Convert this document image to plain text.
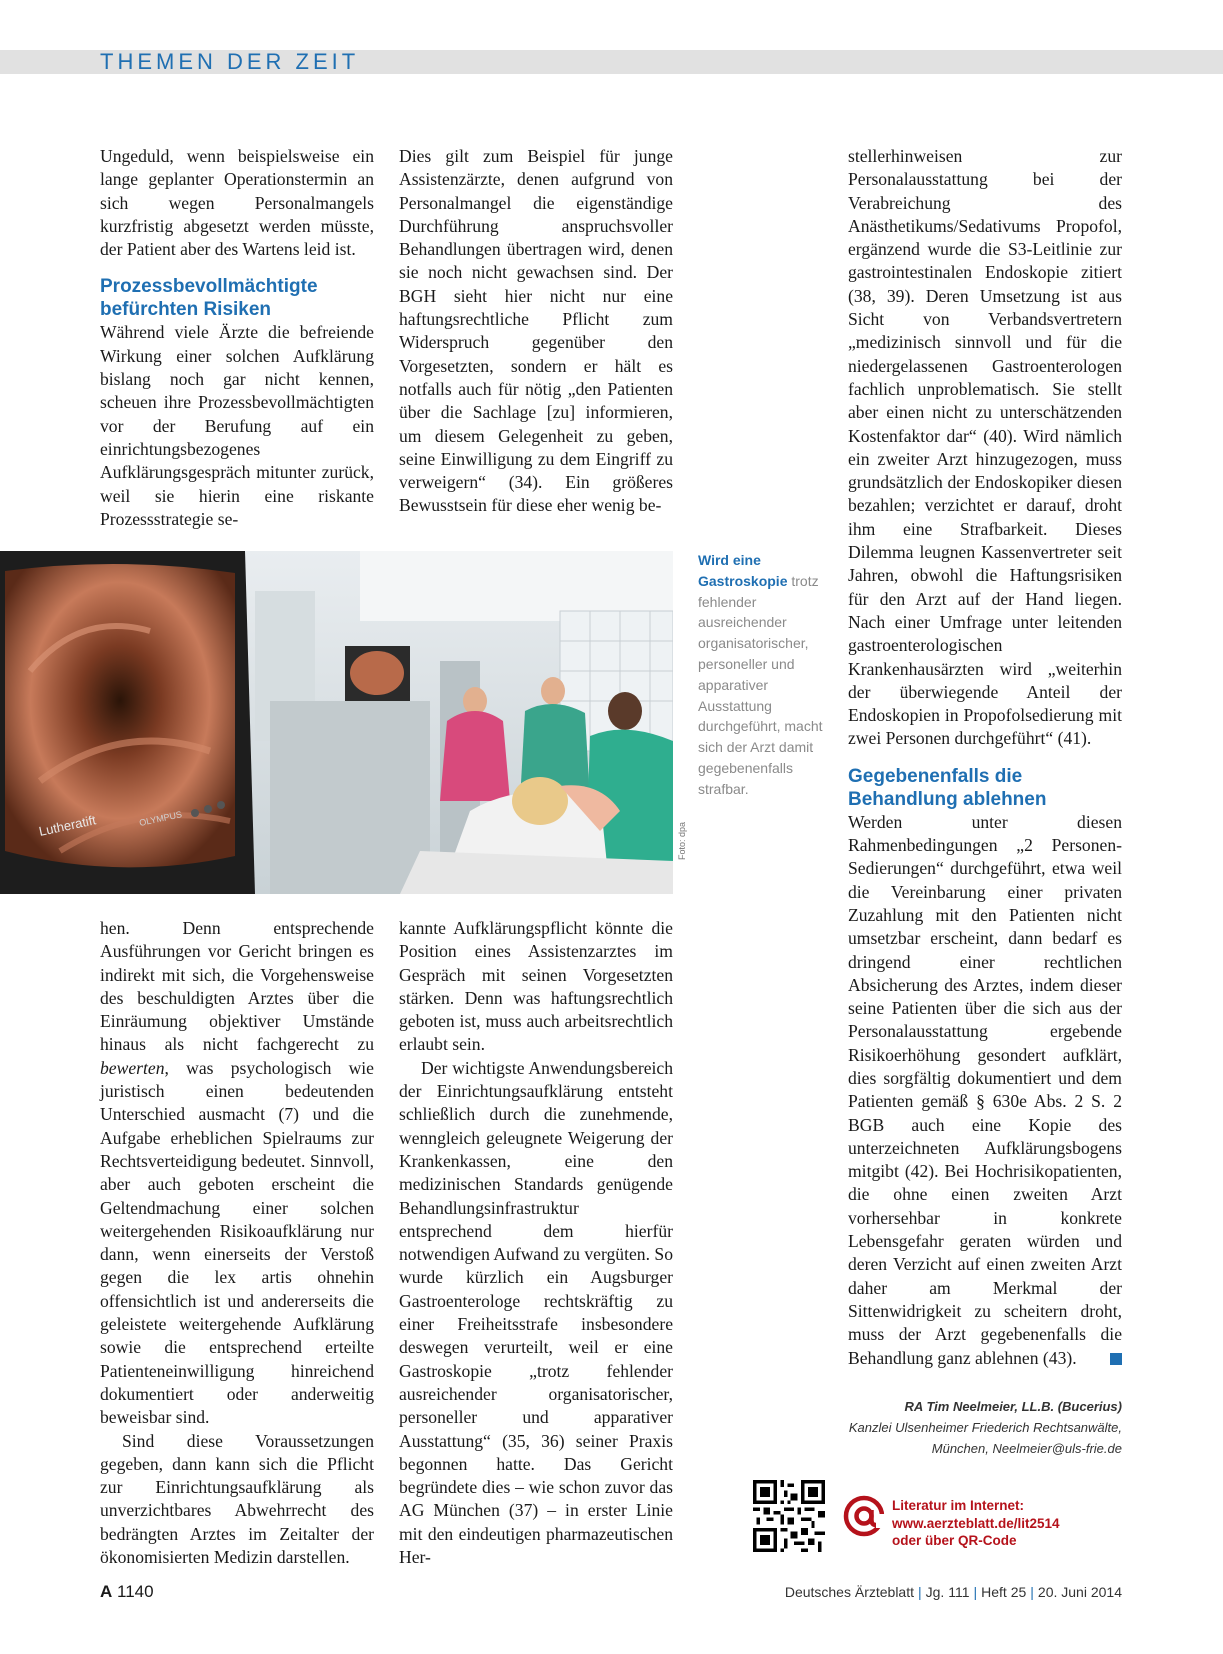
THEMEN DER ZEIT

Ungeduld, wenn beispielsweise ein lange geplanter Operationstermin an sich wegen Personalmangels kurzfristig abgesetzt werden müsste, der Patient aber des Wartens leid ist.

Prozessbevollmächtigte
befürchten Risiken

Während viele Ärzte die befreiende Wirkung einer solchen Aufklärung bislang noch gar nicht kennen, scheuen ihre Prozessbevollmächtigten vor der Berufung auf ein einrichtungsbezogenes Aufklärungsgespräch mitunter zurück, weil sie hierin eine riskante Prozessstrategie se-

Dies gilt zum Beispiel für junge Assistenzärzte, denen aufgrund von Personalmangel die eigenständige Durchführung anspruchsvoller Behandlungen übertragen wird, denen sie noch nicht gewachsen sind. Der BGH sieht hier nicht nur eine haftungsrechtliche Pflicht zum Widerspruch gegenüber den Vorgesetzten, sondern er hält es notfalls auch für nötig „den Patienten über die Sachlage [zu] informieren, um diesem Gelegenheit zu geben, seine Einwilligung zu dem Eingriff zu verweigern“ (34). Ein größeres Bewusstsein für diese eher wenig be-

Lutheratift	OLYMPUS
Foto: dpa
Wird eine Gastroskopie trotz fehlender ausreichender organisatorischer, personeller und apparativer Ausstattung durchgeführt, macht sich der Arzt damit gegebenenfalls strafbar.

hen. Denn entsprechende Ausführungen vor Gericht bringen es indirekt mit sich, die Vorgehensweise des beschuldigten Arztes über die Einräumung objektiver Umstände hinaus als nicht fachgerecht zu bewerten, was psychologisch wie juristisch einen bedeutenden Unterschied ausmacht (7) und die Aufgabe erheblichen Spielraums zur Rechtsverteidigung bedeutet. Sinnvoll, aber auch geboten erscheint die Geltendmachung einer solchen weitergehenden Risikoaufklärung nur dann, wenn einerseits der Verstoß gegen die lex artis ohnehin offensichtlich ist und andererseits die geleistete weitergehende Aufklärung sowie die entsprechend erteilte Patienteneinwilligung hinreichend dokumentiert oder anderweitig beweisbar sind.

Sind diese Voraussetzungen gegeben, dann kann sich die Pflicht zur Einrichtungsaufklärung als unverzichtbares Abwehrrecht des bedrängten Arztes im Zeitalter der ökonomisierten Medizin darstellen.

kannte Aufklärungspflicht könnte die Position eines Assistenzarztes im Gespräch mit seinen Vorgesetzten stärken. Denn was haftungsrechtlich geboten ist, muss auch arbeitsrechtlich erlaubt sein.

Der wichtigste Anwendungsbereich der Einrichtungsaufklärung entsteht schließlich durch die zunehmende, wenngleich geleugnete Weigerung der Krankenkassen, eine den medizinischen Standards genügende Behandlungsinfrastruktur entsprechend dem hierfür notwendigen Aufwand zu vergüten. So wurde kürzlich ein Augsburger Gastroenterologe rechtskräftig zu einer Freiheitsstrafe insbesondere deswegen verurteilt, weil er eine Gastroskopie „trotz fehlender ausreichender organisatorischer, personeller und apparativer Ausstattung“ (35, 36) seiner Praxis begonnen hatte. Das Gericht begründete dies – wie schon zuvor das AG München (37) – in erster Linie mit den eindeutigen pharmazeutischen Her-

stellerhinweisen zur Personalausstattung bei der Verabreichung des Anästhetikums/Sedativums Propofol, ergänzend wurde die S3-Leitlinie zur gastrointestinalen Endoskopie zitiert (38, 39). Deren Umsetzung ist aus Sicht von Verbandsvertretern „medizinisch sinnvoll und für die niedergelassenen Gastroenterologen fachlich unproblematisch. Sie stellt aber einen nicht zu unterschätzenden Kostenfaktor dar“ (40). Wird nämlich ein zweiter Arzt hinzugezogen, muss grundsätzlich der Endoskopiker diesen bezahlen; verzichtet er darauf, droht ihm eine Strafbarkeit. Dieses Dilemma leugnen Kassenvertreter seit Jahren, obwohl die Haftungsrisiken für den Arzt auf der Hand liegen. Nach einer Umfrage unter leitenden gastroenterologischen Krankenhausärzten wird „weiterhin der überwiegende Anteil der Endoskopien in Propofolsedierung mit zwei Personen durchgeführt“ (41).

Gegebenenfalls die
Behandlung ablehnen

Werden unter diesen Rahmenbedingungen „2 Personen-Sedierungen“ durchgeführt, etwa weil die Vereinbarung einer privaten Zuzahlung mit den Patienten nicht umsetzbar erscheint, dann bedarf es dringend einer rechtlichen Absicherung des Arztes, indem dieser seine Patienten über die sich aus der Personalausstattung ergebende Risikoerhöhung gesondert aufklärt, dies sorgfältig dokumentiert und dem Patienten gemäß § 630e Abs. 2 S. 2 BGB auch eine Kopie des unterzeichneten Aufklärungsbogens mitgibt (42). Bei Hochrisikopatienten, die ohne einen zweiten Arzt vorhersehbar in konkrete Lebensgefahr geraten würden und deren Verzicht auf einen zweiten Arzt daher am Merkmal der Sittenwidrigkeit zu scheitern droht, muss der Arzt gegebenenfalls die Behandlung ganz ablehnen (43).

RA Tim Neelmeier, LL.B. (Bucerius)
Kanzlei Ulsenheimer Friederich Rechtsanwälte,
München, Neelmeier@uls-frie.de
Literatur im Internet:
www.aerzteblatt.de/lit2514
oder über QR-Code
A 1140	Deutsches Ärzteblatt | Jg. 111 | Heft 25 | 20. Juni 2014
